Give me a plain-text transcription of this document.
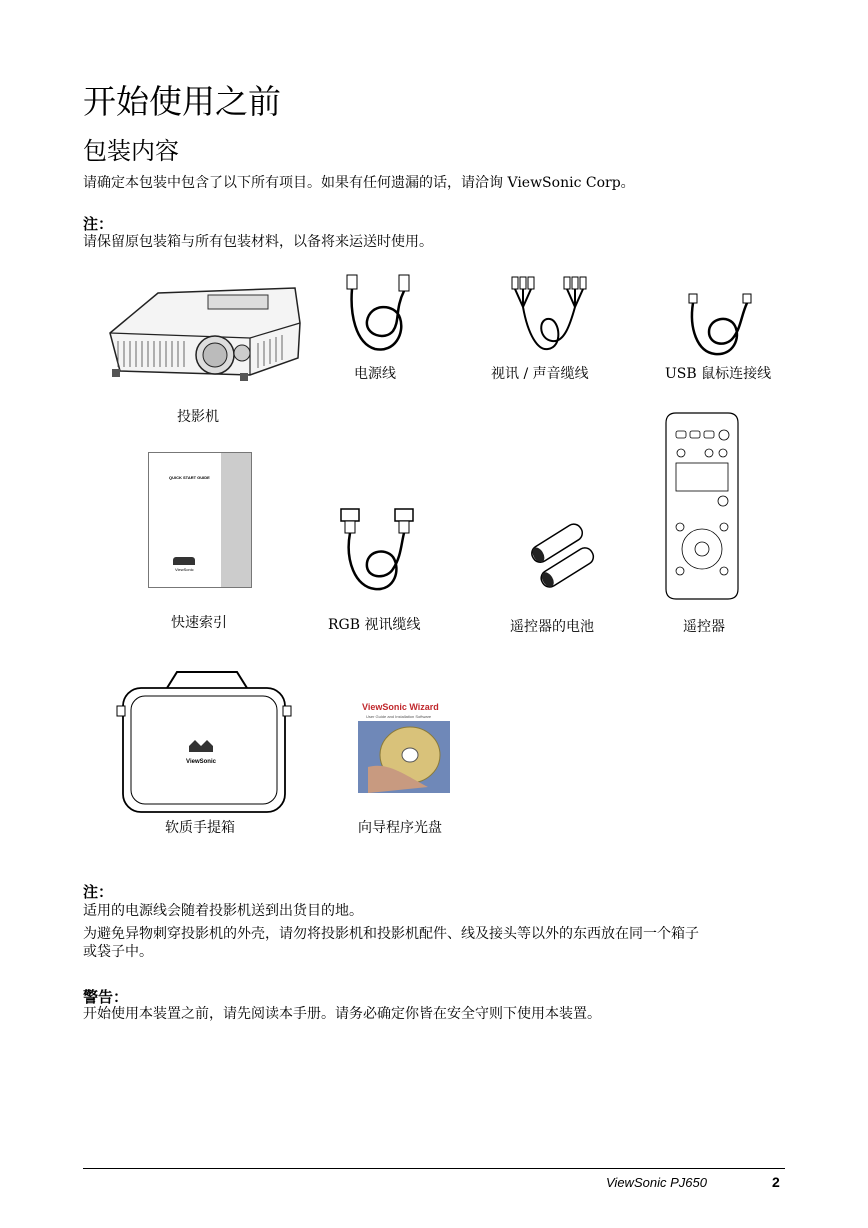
开始使用之前
包装内容
请确定本包装中包含了以下所有项目。如果有任何遗漏的话，请洽询 ViewSonic Corp。
注：
请保留原包装箱与所有包装材料，以备将来运送时使用。
投影机
电源线	视讯 / 声音缆线	USB 鼠标连接线
QUICK START GUIDE
ViewSonic
快速索引	RGB 视讯缆线	遥控器的电池	遥控器
ViewSonic
软质手提箱
ViewSonic Wizard
User Guide and Installation Software
向导程序光盘
注：
适用的电源线会随着投影机送到出货目的地。
为避免异物刺穿投影机的外壳，请勿将投影机和投影机配件、线及接头等以外的东西放在同一个箱子
或袋子中。
警告：
开始使用本装置之前，请先阅读本手册。请务必确定你皆在安全守则下使用本装置。
ViewSonic PJ650	2
